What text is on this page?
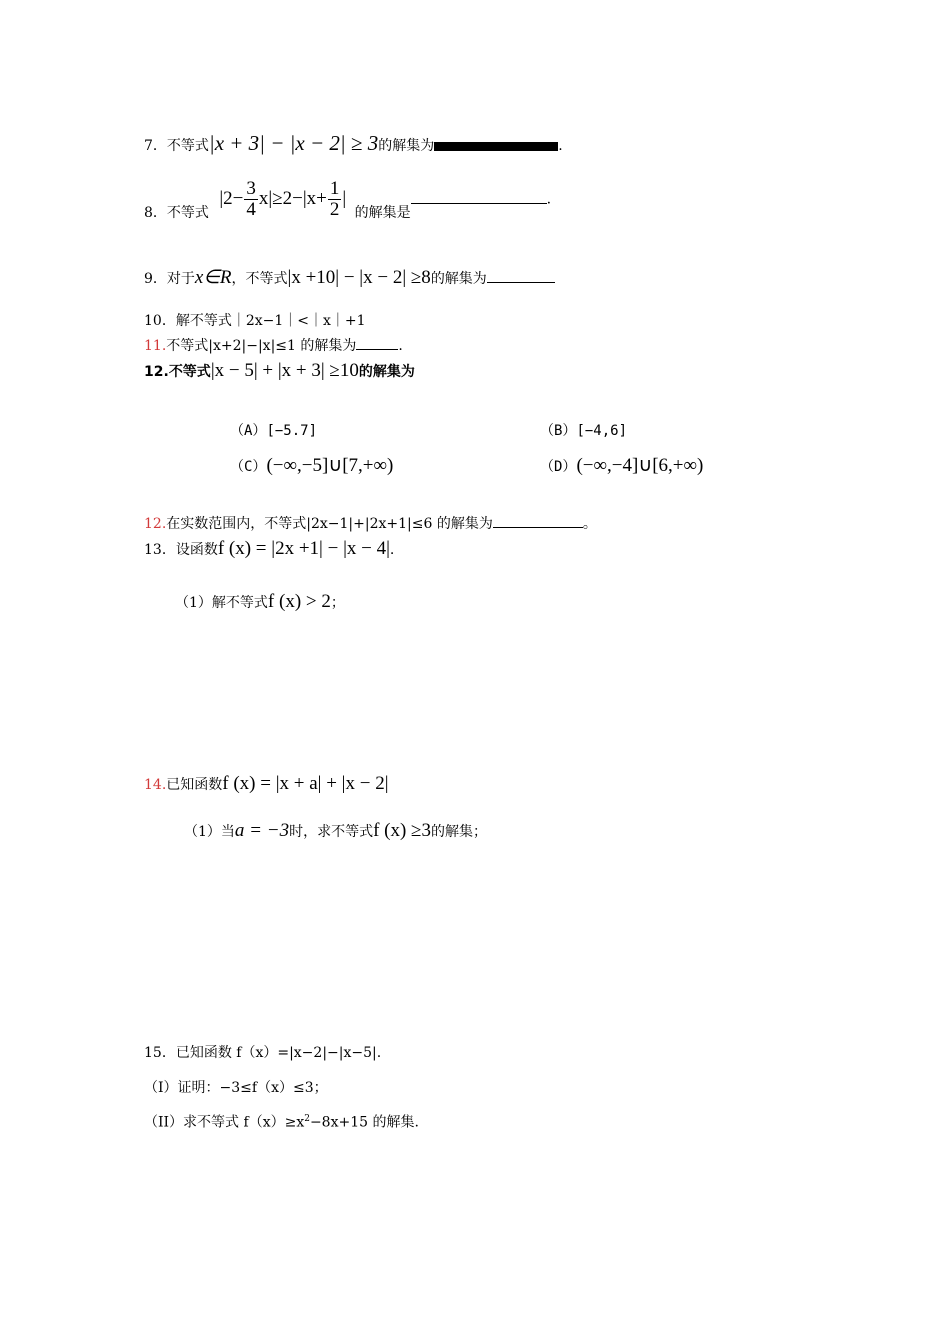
7．不等式|x + 3| − |x − 2| ≥ 3的解集为	.
8．不等式 $|2- \frac{3}{4} x|\ge 2-|x+ \frac{1}{2}$ | 的解集是.
9．对于x∈R，不等式|x +10| − |x − 2| ≥8的解集为
10．解不等式｜2x−1｜<｜x｜+1
11.不等式|x+2|−|x|≤1 的解集为	.
12.不等式|x − 5| + |x + 3| ≥10的解集为
（A）[−5.7]	（B）[−4,6]
（C）(−∞,−5]∪[7,+∞)	（D）(−∞,−4]∪[6,+∞)
12.在实数范围内，不等式|2x−1|+|2x+1|≤6 的解集为	。
13．设函数f (x) = |2x +1| − |x − 4|.
（1）解不等式f (x) > 2；
14.已知函数f (x) = |x + a| + |x − 2|
（1）当a = −3时，求不等式f (x) ≥3的解集；
15．已知函数 f（x）=|x−2|−|x−5|.
（I）证明：−3≤f（x）≤3；
（II）求不等式 $f(x)\ge x^2-8x+15$ 的解集.
